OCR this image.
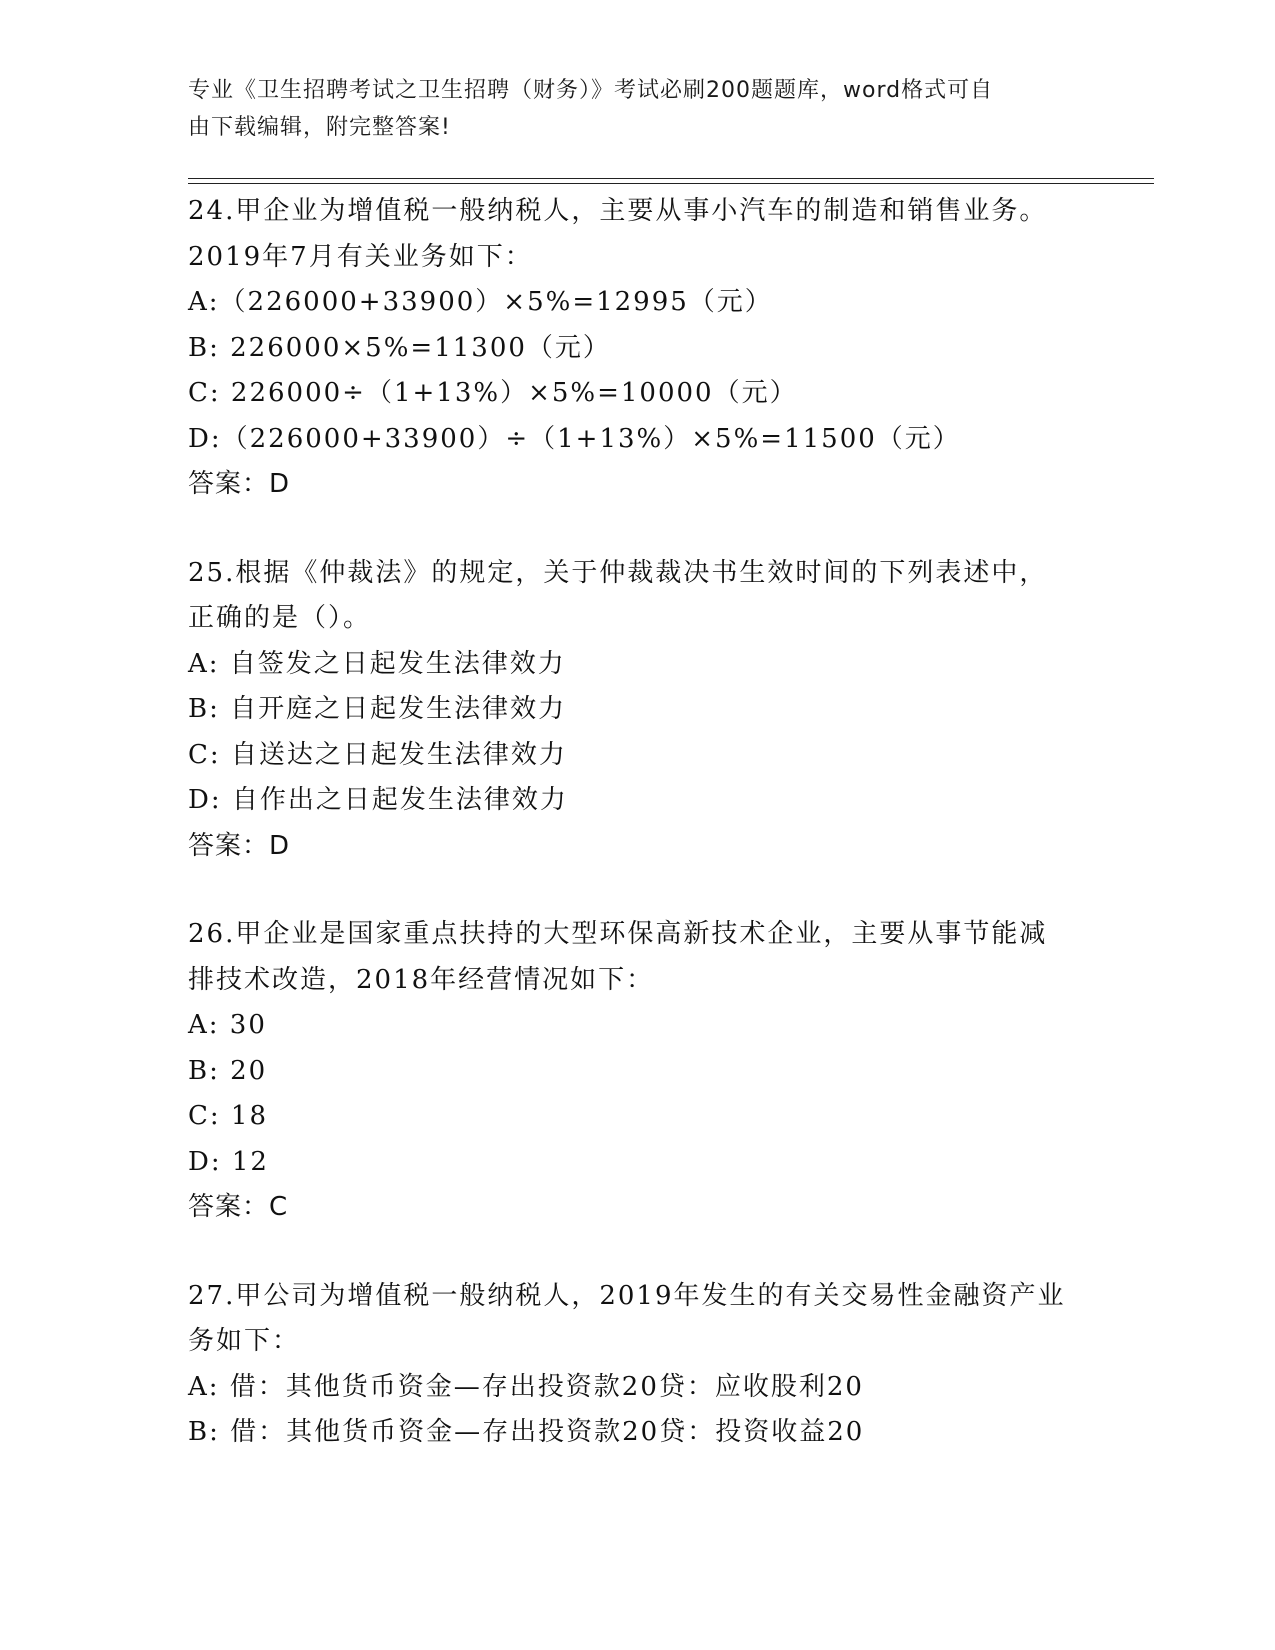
专业《卫生招聘考试之卫生招聘（财务）》考试必刷200题题库，word格式可自
由下载编辑，附完整答案!
24.甲企业为增值税一般纳税人，主要从事小汽车的制造和销售业务。
2019年7月有关业务如下：
A:（226000+33900）×5%=12995（元）
B: 226000×5%=11300（元）
C: 226000÷（1+13%）×5%=10000（元）
D:（226000+33900）÷（1+13%）×5%=11500（元）
答案：D
25.根据《仲裁法》的规定，关于仲裁裁决书生效时间的下列表述中，
正确的是（）。
A: 自签发之日起发生法律效力
B: 自开庭之日起发生法律效力
C: 自送达之日起发生法律效力
D: 自作出之日起发生法律效力
答案：D
26.甲企业是国家重点扶持的大型环保高新技术企业，主要从事节能减
排技术改造，2018年经营情况如下：
A: 30
B: 20
C: 18
D: 12
答案：C
27.甲公司为增值税一般纳税人，2019年发生的有关交易性金融资产业
务如下：
A: 借：其他货币资金—存出投资款20贷：应收股利20
B: 借：其他货币资金—存出投资款20贷：投资收益20
